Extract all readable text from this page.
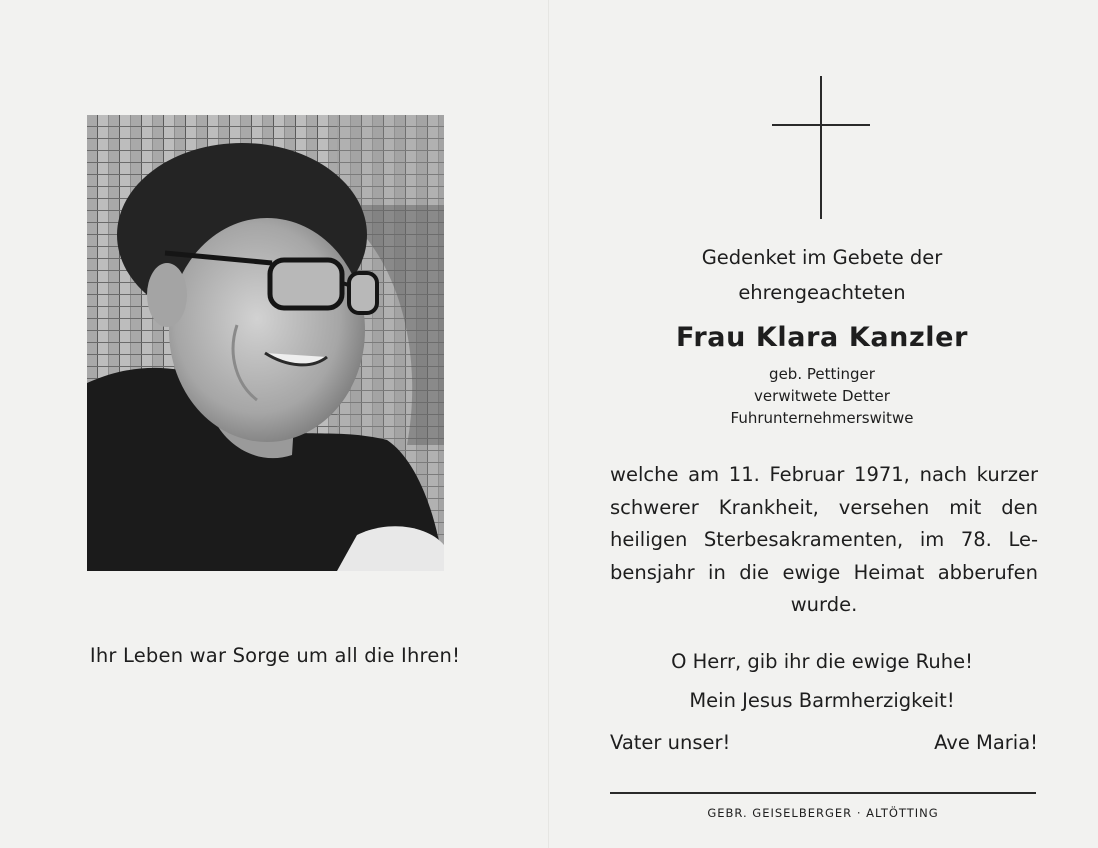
Ihr Leben war Sorge um all die Ihren!
Gedenket im Gebete der
ehrengeachteten
Frau Klara Kanzler
geb. Pettinger
verwitwete Detter
Fuhrunternehmerswitwe
welche am 11. Februar 1971, nach kurzer
schwerer Krankheit, versehen mit den
heiligen Sterbesakramenten, im 78. Le-
bensjahr in die ewige Heimat abberufen
wurde.
O Herr, gib ihr die ewige Ruhe!
Mein Jesus Barmherzigkeit!
Vater unser!	Ave Maria!
GEBR. GEISELBERGER · ALTÖTTING
